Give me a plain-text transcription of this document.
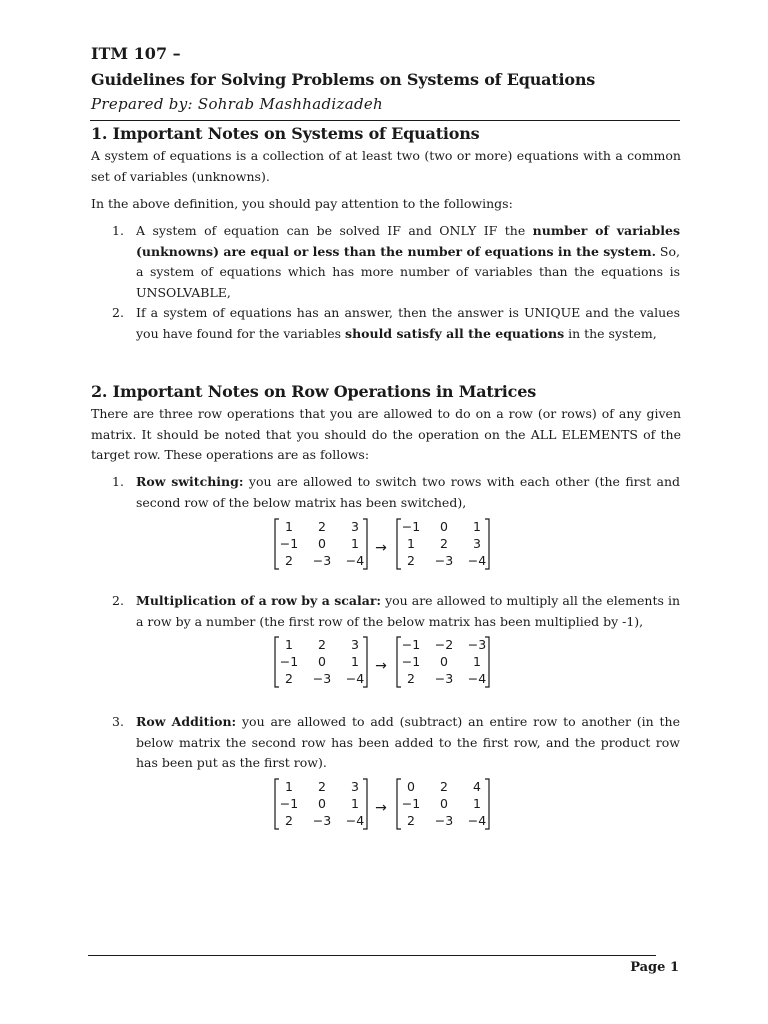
ITM 107 –
Guidelines for Solving Problems on Systems of Equations
Prepared by: Sohrab Mashhadizadeh
1. Important Notes on Systems of Equations
A system of equations is a collection of at least two (two or more) equations with a common set of variables (unknowns).
In the above definition, you should pay attention to the followings:
1. A system of equation can be solved IF and ONLY IF the number of variables (unknowns) are equal or less than the number of equations in the system. So, a system of equations which has more number of variables than the equations is UNSOLVABLE,
2. If a system of equations has an answer, then the answer is UNIQUE and the values you have found for the variables should satisfy all the equations in the system,
2. Important Notes on Row Operations in Matrices
There are three row operations that you are allowed to do on a row (or rows) of any given matrix. It should be noted that you should do the operation on the ALL ELEMENTS of the target row. These operations are as follows:
1. Row switching: you are allowed to switch two rows with each other (the first and second row of the below matrix has been switched),
1 2 3
−1 0 1
2 −3 −4
→
−1 0 1
1 2 3
2 −3 −4
2. Multiplication of a row by a scalar: you are allowed to multiply all the elements in a row by a number (the first row of the below matrix has been multiplied by -1),
1 2 3
−1 0 1
2 −3 −4
→
−1 −2 −3
−1 0 1
2 −3 −4
3. Row Addition: you are allowed to add (subtract) an entire row to another (in the below matrix the second row has been added to the first row, and the product row has been put as the first row).
1 2 3
−1 0 1
2 −3 −4
→
0 2 4
−1 0 1
2 −3 −4
Page 1
